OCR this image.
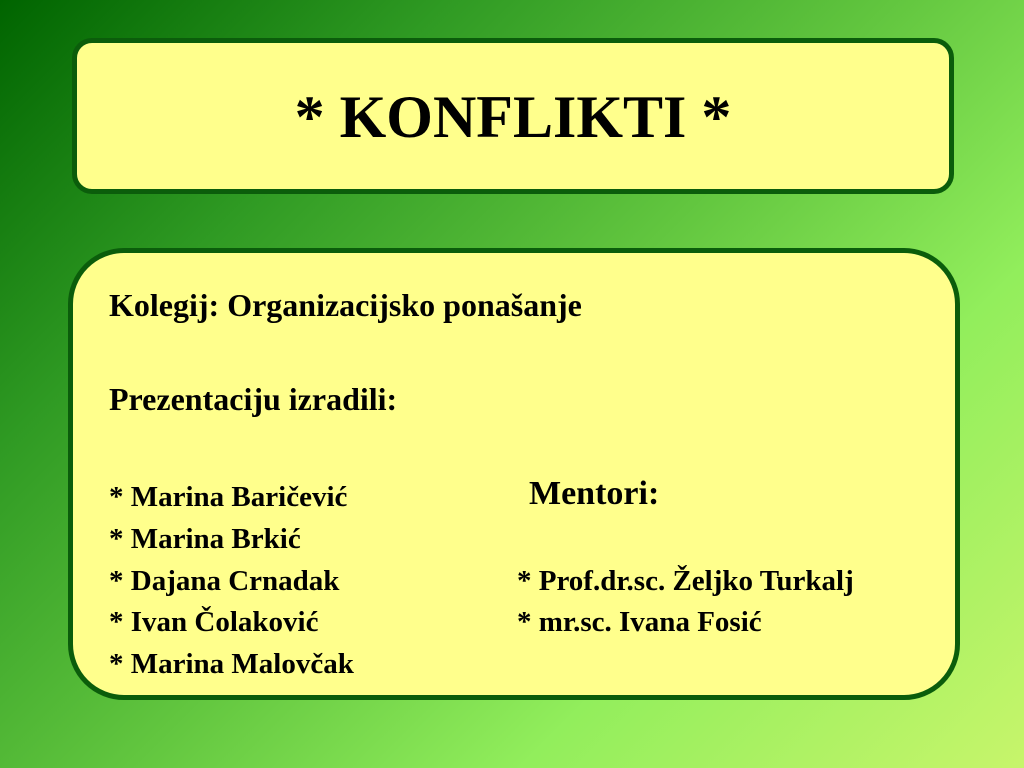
* KONFLIKTI *
Kolegij: Organizacijsko ponašanje
Prezentaciju izradili:
* Marina Baričević
* Marina Brkić
* Dajana Crnadak
* Ivan Čolaković
* Marina Malovčak
Mentori:
* Prof.dr.sc. Željko Turkalj
* mr.sc. Ivana Fosić
